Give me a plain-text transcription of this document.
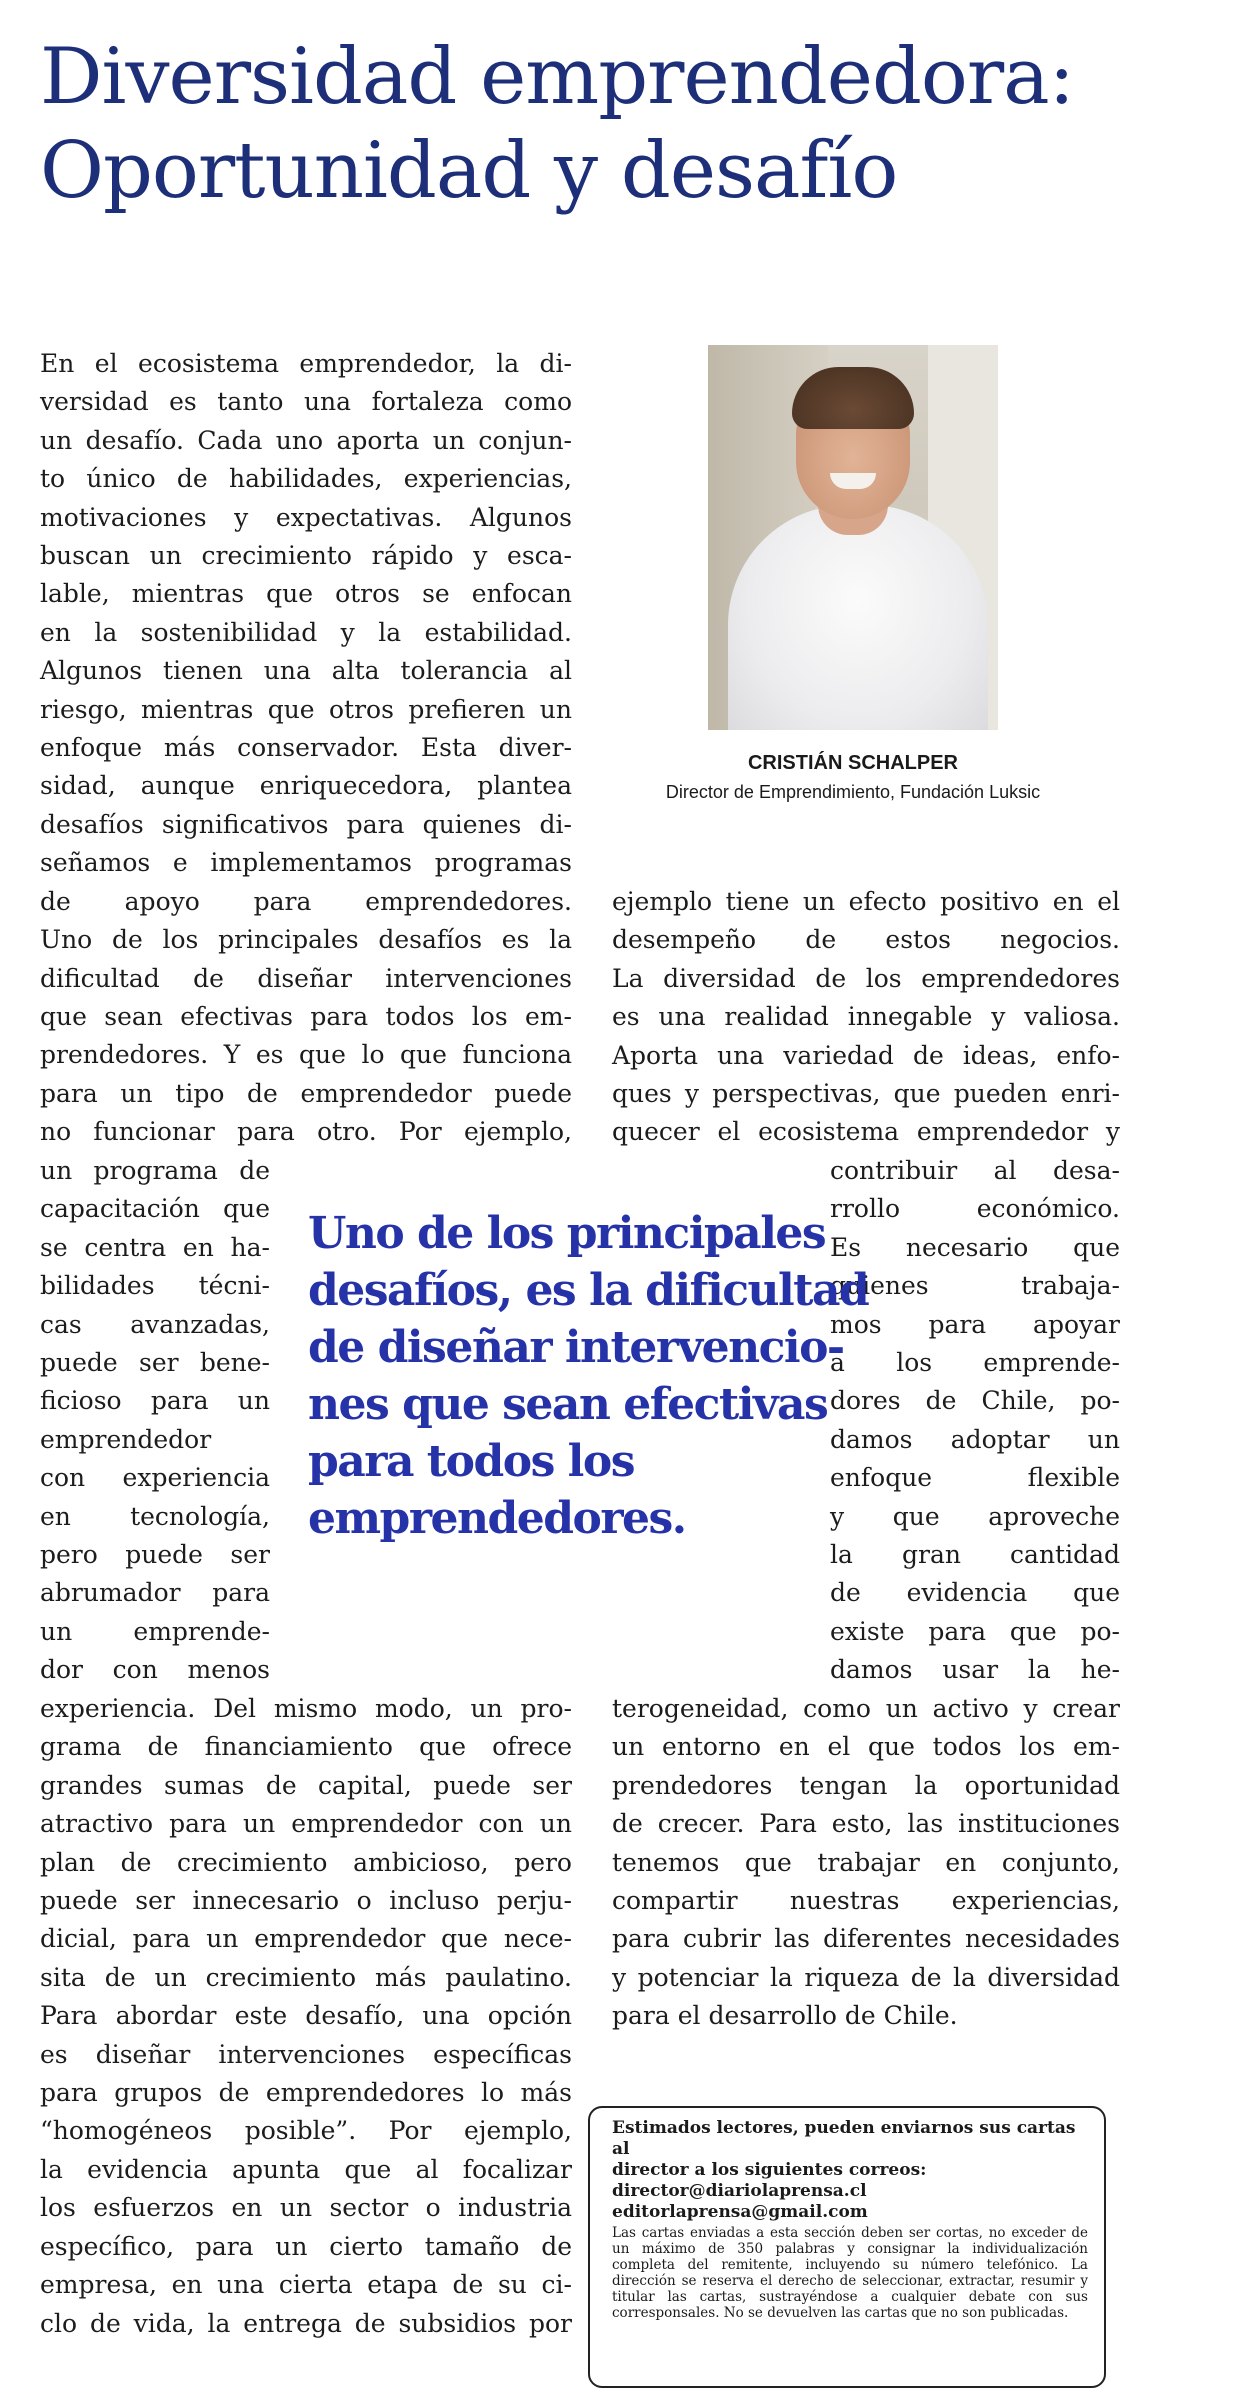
Diversidad emprendedora:
Oportunidad y desafío
En el ecosistema emprendedor, la di-
versidad es tanto una fortaleza como
un desafío. Cada uno aporta un conjun-
to único de habilidades, experiencias,
motivaciones y expectativas. Algunos
buscan un crecimiento rápido y esca-
lable, mientras que otros se enfocan
en la sostenibilidad y la estabilidad.
Algunos tienen una alta tolerancia al
riesgo, mientras que otros prefieren un
enfoque más conservador. Esta diver-
sidad, aunque enriquecedora, plantea
desafíos significativos para quienes di-
señamos e implementamos programas
de apoyo para emprendedores.
Uno de los principales desafíos es la
dificultad de diseñar intervenciones
que sean efectivas para todos los em-
prendedores. Y es que lo que funciona
para un tipo de emprendedor puede
no funcionar para otro. Por ejemplo,
un programa de
capacitación que
se centra en ha-
bilidades técni-
cas avanzadas,
puede ser bene-
ficioso para un
emprendedor
con experiencia
en tecnología,
pero puede ser
abrumador para
un emprende-
dor con menos
experiencia. Del mismo modo, un pro-
grama de financiamiento que ofrece
grandes sumas de capital, puede ser
atractivo para un emprendedor con un
plan de crecimiento ambicioso, pero
puede ser innecesario o incluso perju-
dicial, para un emprendedor que nece-
sita de un crecimiento más paulatino.
Para abordar este desafío, una opción
es diseñar intervenciones específicas
para grupos de emprendedores lo más
“homogéneos posible”. Por ejemplo,
la evidencia apunta que al focalizar
los esfuerzos en un sector o industria
específico, para un cierto tamaño de
empresa, en una cierta etapa de su ci-
clo de vida, la entrega de subsidios por
CRISTIÁN SCHALPER
Director de Emprendimiento, Fundación Luksic
ejemplo tiene un efecto positivo en el
desempeño de estos negocios.
La diversidad de los emprendedores
es una realidad innegable y valiosa.
Aporta una variedad de ideas, enfo-
ques y perspectivas, que pueden enri-
quecer el ecosistema emprendedor y
contribuir al desa-
rrollo económico.
Es necesario que
quienes trabaja-
mos para apoyar
a los emprende-
dores de Chile, po-
damos adoptar un
enfoque flexible
y que aproveche
la gran cantidad
de evidencia que
existe para que po-
damos usar la he-
terogeneidad, como un activo y crear
un entorno en el que todos los em-
prendedores tengan la oportunidad
de crecer. Para esto, las instituciones
tenemos que trabajar en conjunto,
compartir nuestras experiencias,
para cubrir las diferentes necesidades
y potenciar la riqueza de la diversidad
para el desarrollo de Chile.
Uno de los principales
desafíos, es la dificultad
de diseñar intervencio-
nes que sean efectivas
para todos los
emprendedores.
Estimados lectores, pueden enviarnos sus cartas al
director a los siguientes correos:
director@diariolaprensa.cl
editorlaprensa@gmail.com
Las cartas enviadas a esta sección deben ser cortas, no exceder de un máximo de 350 palabras y consignar la individualización completa del remitente, incluyendo su número telefónico. La dirección se reserva el derecho de seleccionar, extractar, resumir y titular las cartas, sustrayéndose a cualquier debate con sus corresponsales. No se devuelven las cartas que no son publicadas.
